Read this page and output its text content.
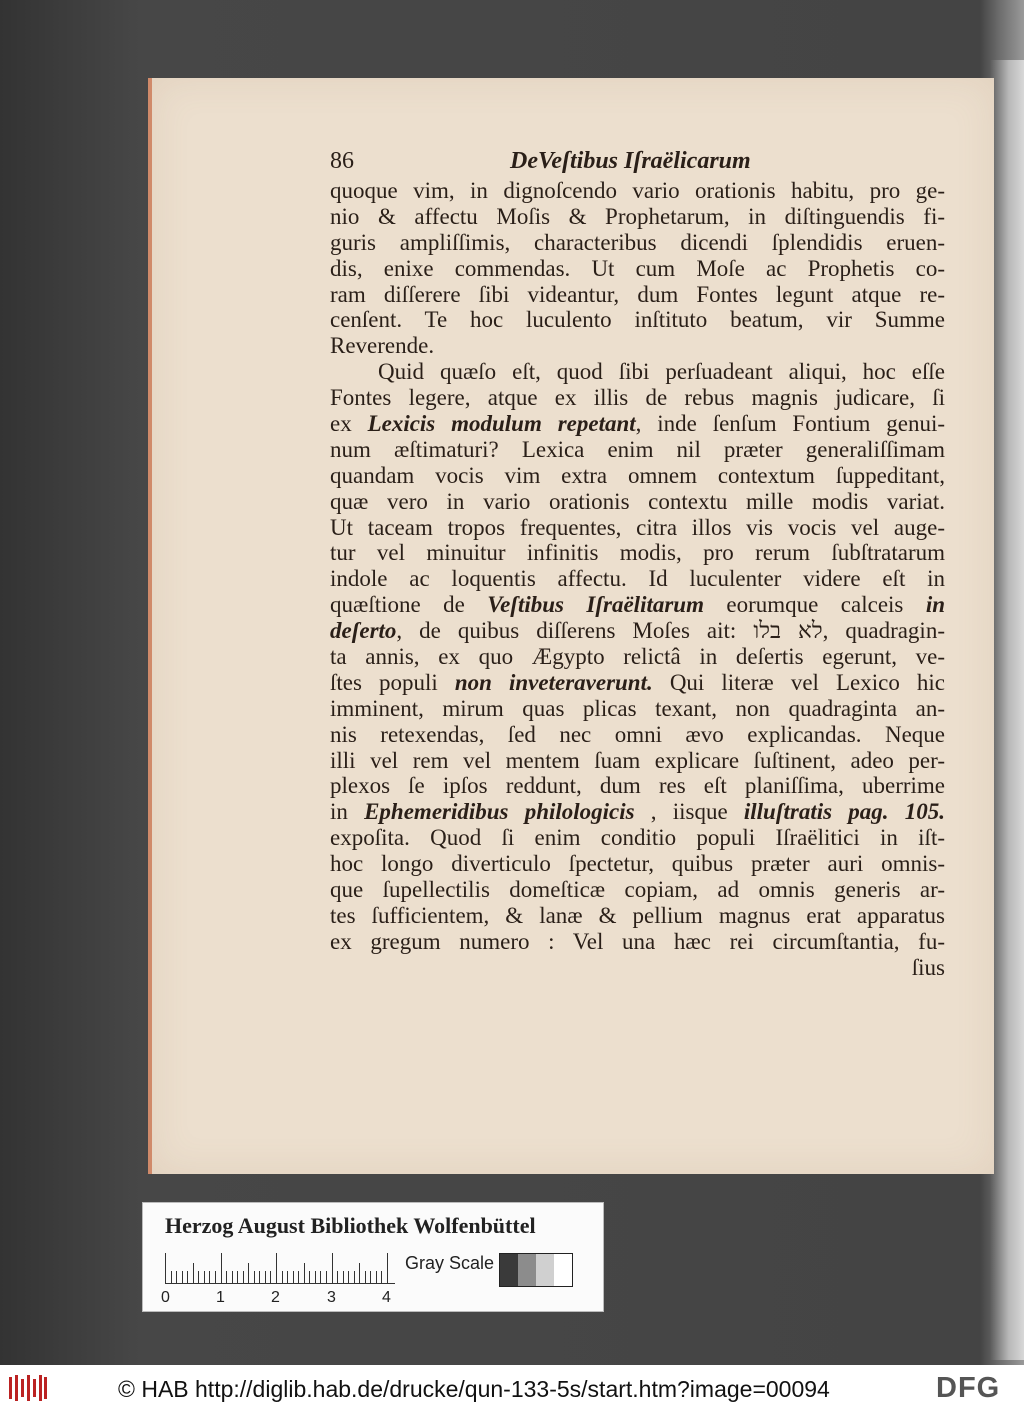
86	DeVeſtibus Iſraëlicarum
quoque vim, in dignoſcendo vario orationis habitu, pro ge-
nio & affectu Moſis & Prophetarum, in diſtinguendis fi-
guris ampliſſimis, characteribus dicendi ſplendidis eruen-
dis, enixe commendas. Ut cum Moſe ac Prophetis co-
ram diſſerere ſibi videantur, dum Fontes legunt atque re-
cenſent. Te hoc luculento inſtituto beatum, vir Summe
Reverende.
Quid quæſo eſt, quod ſibi perſuadeant aliqui, hoc eſſe
Fontes legere, atque ex illis de rebus magnis judicare, ſi
ex Lexicis modulum repetant, inde ſenſum Fontium genui-
num æſtimaturi? Lexica enim nil præter generaliſſimam
quandam vocis vim extra omnem contextum ſuppeditant,
quæ vero in vario orationis contextu mille modis variat.
Ut taceam tropos frequentes, citra illos vis vocis vel auge-
tur vel minuitur infinitis modis, pro rerum ſubſtratarum
indole ac loquentis affectu. Id luculenter videre eſt in
quæſtione de Veſtibus Iſraëlitarum eorumque calceis in
deſerto, de quibus diſſerens Moſes ait: לא בלו, quadragin-
ta annis, ex quo Ægypto relictâ in deſertis egerunt, ve-
ſtes populi non inveteraverunt. Qui literæ vel Lexico hic
imminent, mirum quas plicas texant, non quadraginta an-
nis retexendas, ſed nec omni ævo explicandas. Neque
illi vel rem vel mentem ſuam explicare ſuſtinent, adeo per-
plexos ſe ipſos reddunt, dum res eſt planiſſima, uberrime
in Ephemeridibus philologicis , iisque illuſtratis pag. 105.
expoſita. Quod ſi enim conditio populi Iſraëlitici in iſt-
hoc longo diverticulo ſpectetur, quibus præter auri omnis-
que ſupellectilis domeſticæ copiam, ad omnis generis ar-
tes ſufficientem, & lanæ & pellium magnus erat apparatus
ex gregum numero : Vel una hæc rei circumſtantia, fu-
ſius
Herzog August Bibliothek Wolfenbüttel
0	1	2	3	4
Gray Scale
© HAB http://diglib.hab.de/drucke/qun-133-5s/start.htm?image=00094	DFG
